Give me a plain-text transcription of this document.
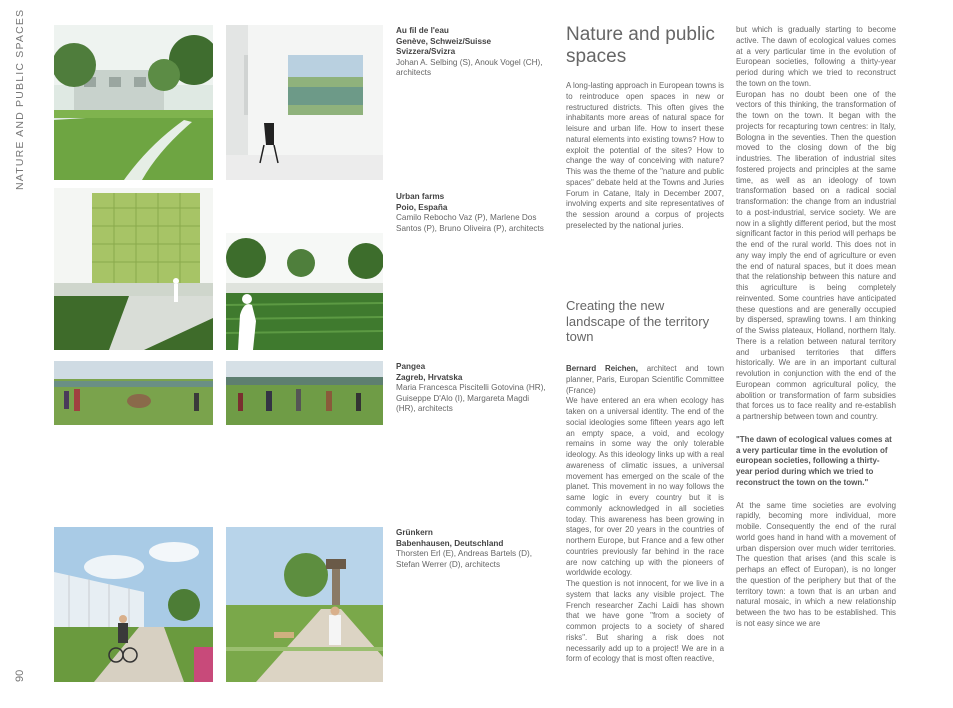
NATURE AND PUBLIC SPACES
90
Au fil de l'eau
Genève, Schweiz/Suisse
Svizzera/Svizra
Johan A. Selbing (S), Anouk Vogel (CH), architects
Urban farms
Poio, España
Camilo Rebocho Vaz (P), Marlene Dos Santos (P), Bruno Oliveira (P), architects
Pangea
Zagreb, Hrvatska
Maria Francesca Piscitelli Gotovina (HR), Guiseppe D'Alo (I), Margareta Magdi (HR), architects
Grünkern
Babenhausen, Deutschland
Thorsten Erl (E), Andreas Bartels (D), Stefan Werrer (D), architects
Nature and public spaces

A long-lasting approach in European towns is to reintroduce open spaces in new or restructured districts. This often gives the inhabitants more areas of natural space for leisure and urban life. How to insert these natural elements into existing towns? How to exploit the potential of the sites? How to change the way of conceiving with nature? This was the theme of the "nature and public spaces" debate held at the Towns and Juries Forum in Catane, Italy in December 2007, involving experts and site representatives of the session around a corpus of projects preselected by the national juries.

Creating the new landscape of the territory town

Bernard Reichen, architect and town planner, Paris, Europan Scientific Committee (France)

We have entered an era when ecology has taken on a universal identity. The end of the social ideologies some fifteen years ago left an empty space, a void, and ecology remains in some way the only tolerable ideology. As this ideology links up with a real awareness of climatic issues, a universal movement has emerged on the scale of the planet. This movement in no way follows the same logic in every country but it is commonly acknowledged in all societies today. This awareness has been growing in stages, for over 20 years in the countries of northern Europe, but France and a few other countries previously far behind in the race are now catching up with the pioneers of worldwide ecology.

The question is not innocent, for we live in a system that lacks any visible project. The French researcher Zachi Laidi has shown that we have gone "from a society of common projects to a society of shared risks". But sharing a risk does not necessarily add up to a project! We are in a form of ecology that is most often reactive,

but which is gradually starting to become active. The dawn of ecological values comes at a very particular time in the evolution of European societies, following a thirty-year period during which we tried to reconstruct the town on the town.

Europan has no doubt been one of the vectors of this thinking, the transformation of the town on the town. It began with the projects for recapturing town centres: in Italy, Bologna in the seventies. Then the question moved to the closing down of the big industries. The liberation of industrial sites fostered projects and principles at the same time, as well as an ideology of town transformation based on a radical social transformation: the change from an industrial to a post-industrial, service society. We are now in a slightly different period, but the most significant factor in this period will perhaps be the end of the rural world. This does not in any way imply the end of agriculture or even the end of natural spaces, but it does mean that the relationship between this nature and this agriculture is being completely reinvented. Some countries have anticipated these questions and are generally occupied by dispersed, sprawling towns. I am thinking of the Swiss plateaux, Holland, northern Italy. There is a relation between natural territory and urbanised territories that differs historically. We are in an important cultural revolution in conjunction with the end of the European common agricultural policy, the abolition or transformation of farm subsidies that forces us to face reality and re-establish a partnership between town and country.

"The dawn of ecological values comes at a very particular time in the evolution of european societies, following a thirty-year period during which we tried to reconstruct the town on the town."

At the same time societies are evolving rapidly, becoming more individual, more mobile. Consequently the end of the rural world goes hand in hand with a movement of urban dispersion over much wider territories. The question that arises (and this scale is perhaps an effect of Europan), is no longer the question of the periphery but that of the territory town: a town that is an urban and natural mosaic, in which a new relationship between the two has to be established. This is not easy since we are
